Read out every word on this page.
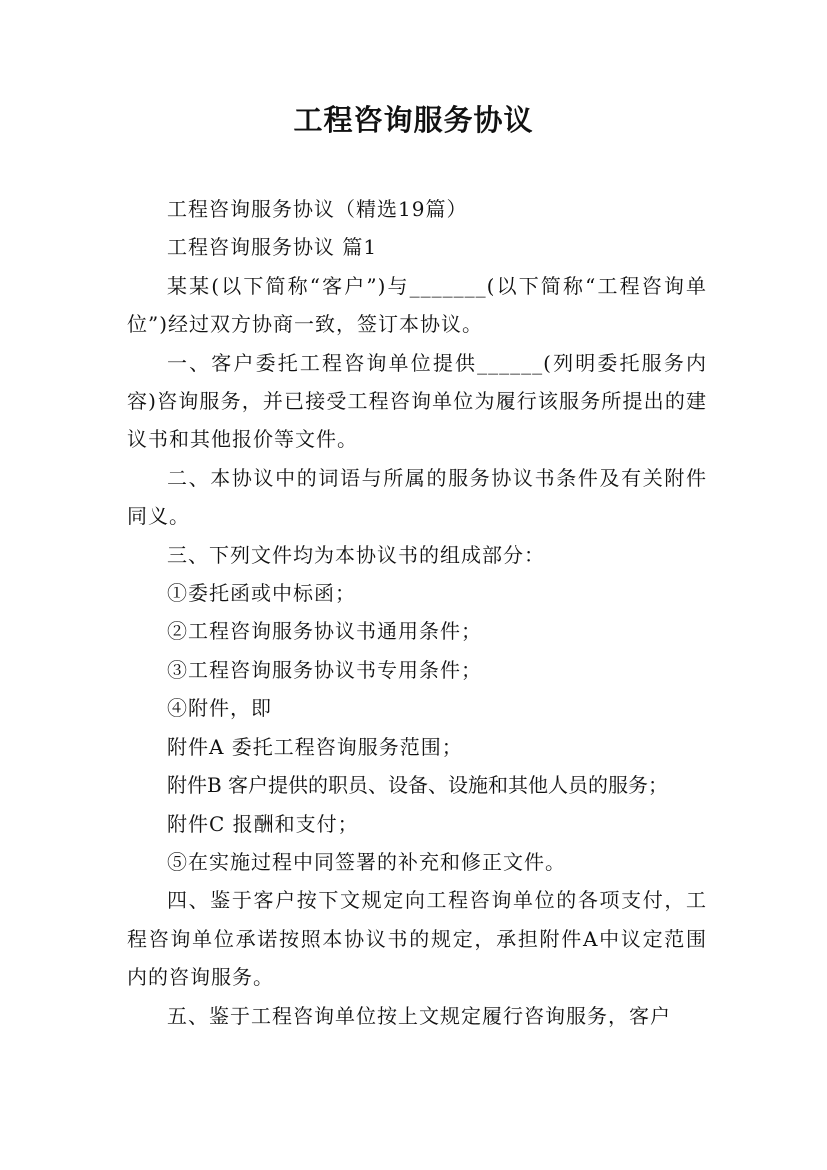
工程咨询服务协议

工程咨询服务协议（精选19篇）

工程咨询服务协议 篇1

某某(以下简称“客户”)与_______(以下简称“工程咨询单位”)经过双方协商一致，签订本协议。

一、客户委托工程咨询单位提供______(列明委托服务内容)咨询服务，并已接受工程咨询单位为履行该服务所提出的建议书和其他报价等文件。

二、本协议中的词语与所属的服务协议书条件及有关附件同义。

三、下列文件均为本协议书的组成部分：

①委托函或中标函；

②工程咨询服务协议书通用条件；

③工程咨询服务协议书专用条件；

④附件，即

附件A 委托工程咨询服务范围；

附件B 客户提供的职员、设备、设施和其他人员的服务；

附件C 报酬和支付；

⑤在实施过程中同签署的补充和修正文件。

四、鉴于客户按下文规定向工程咨询单位的各项支付，工程咨询单位承诺按照本协议书的规定，承担附件A中议定范围内的咨询服务。

五、鉴于工程咨询单位按上文规定履行咨询服务，客户
